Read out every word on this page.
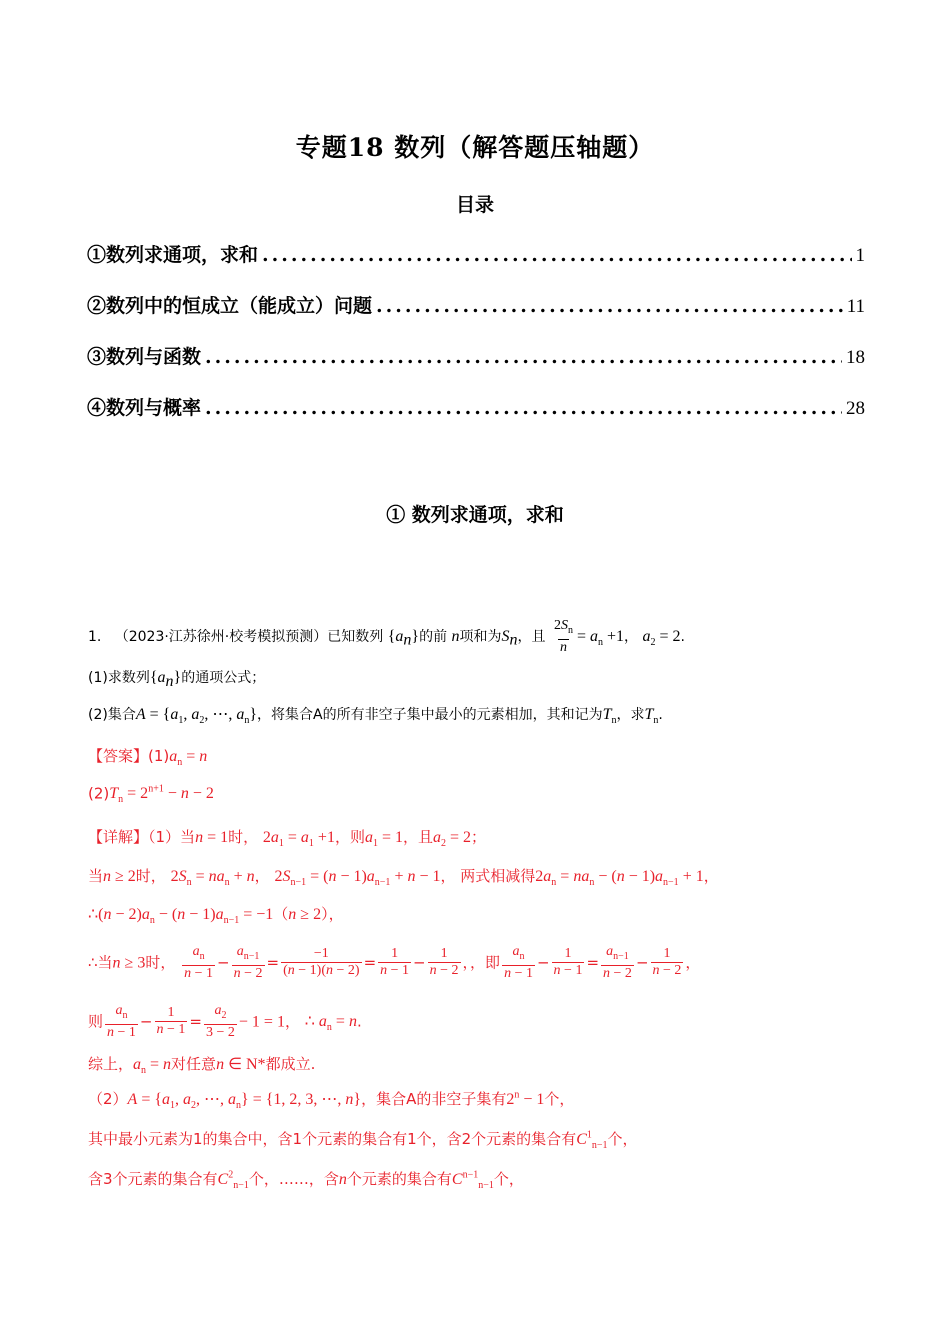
专题18 数列（解答题压轴题）
目录
①数列求通项，求和 .....	1
②数列中的恒成立（能成立）问题 .....	11
③数列与函数 .....	18
④数列与概率 .....	28
① 数列求通项，求和
1. （2023·江苏徐州·校考模拟预测）已知数列 $\{a_n\}$的前 n项和为$S_n$，且 $\frac{2S_n}{n} = a_n +1$， $a_2 = 2$.
(1)求数列$\{a_n\}$的通项公式；
(2)集合$A = \{a_1$, $a_2$, ⋯, $a_n$}，将集合A的所有非空子集中最小的元素相加，其和记为$T_n$，求$T_n$.
【答案】$(1)a_n = n$
$(2)T_n = 2^{n+1} - n - 2$
【详解】（1）当n = 1时， $2a_1 = a_1 +1$，则$a_1 = 1$，且$a_2 = 2$；
当n ≥ 2时， $2S_n = na_n + n$， $2S_{n-1} = (n - 1)a_{n-1} + n - 1$， 两式相减得$2a_n = na_n - (n - 1)a_{n-1} + 1$，
∴(n − $2)a_n - (n - 1)a_{n-1} = -1(n \ge 2)$，
∴当n ≥ 3时， $\frac{a_n}{n - 1} - \frac{a_{n-1}}{n - 2} = \frac{-1}{(n - 1)(n - 2)} = \frac{1}{n - 1} - \frac{1}{n - 2}$ ，，即 $\frac{a_n}{n - 1} - \frac{1}{n - 1} = \frac{a_{n-1}}{n - 2} - \frac{1}{n - 2}$ ，
则 $\frac{a_n}{n - 1} - \frac{1}{n - 1} = \frac{a_2}{3 - 2} - 1 = 1$， ∴ $a_n = n$.
综上，$a_n = n$对任意n ∈ N*都成立.
$(2)A = \{a_1$, $a_2$, ⋯, $a_n\} = \{1$, 2, 3, ⋯, n}，集合A的非空子集有$2^n - 1$个，
其中最小元素为1的集合中，含1个元素的集合有1个，含2个元素的集合有$C^1_{n-1}$个，
含3个元素的集合有$C^2_{n-1}$个，……，含n个元素的集合有$C^{n-1}_{n-1}$个，
